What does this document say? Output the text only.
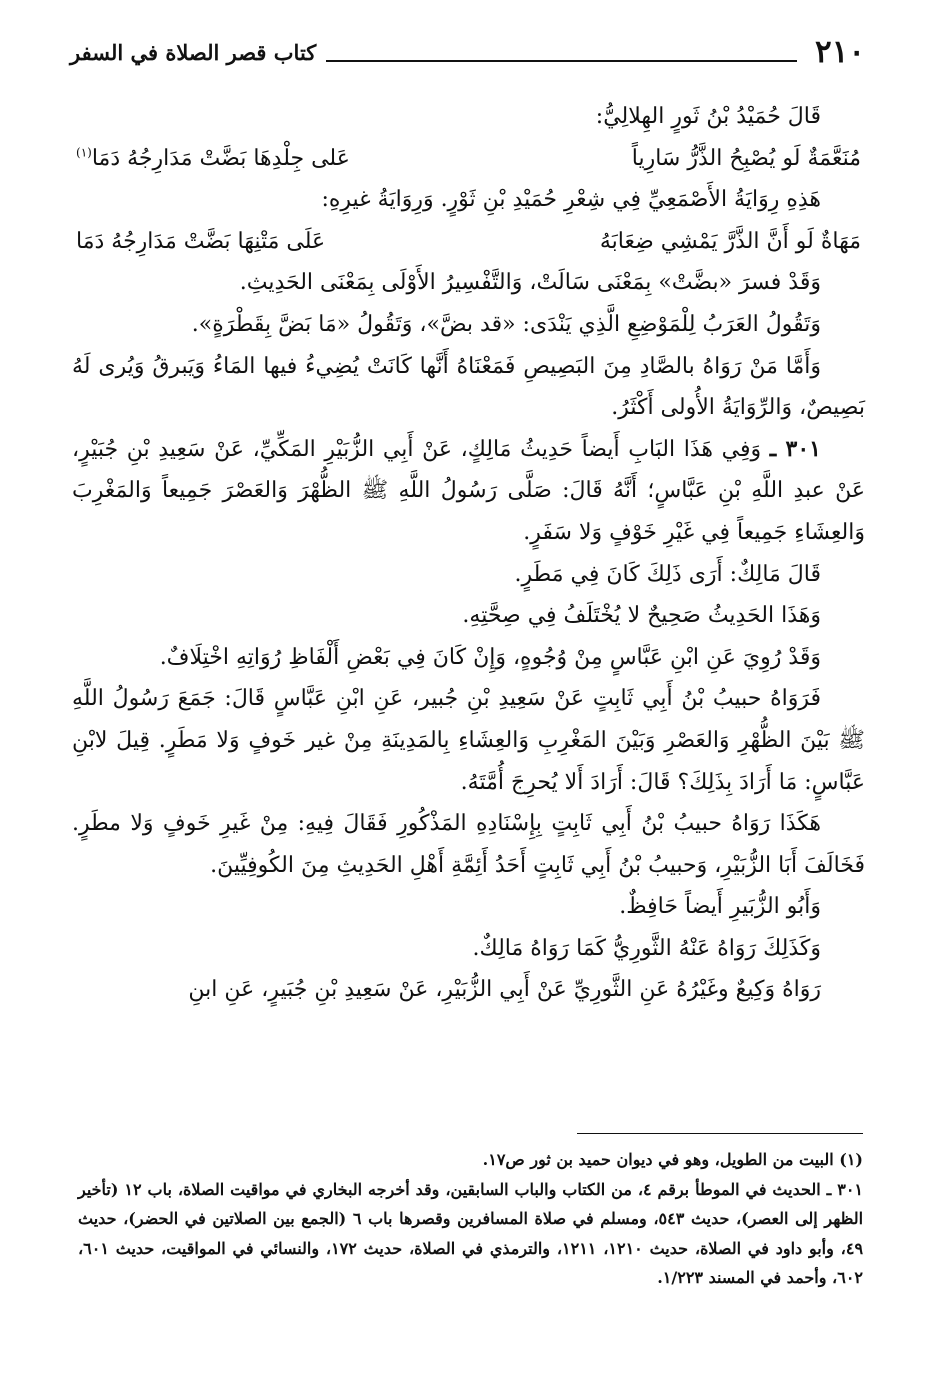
٢١٠
كتاب قصر الصلاة في السفر

قَالَ حُمَيْدُ بْنُ ثَورٍ الهِلالِيُّ:

مُنَعَّمَةٌ لَو يُصْبِحُ الذَّرُّ سَارِياً
عَلى جِلْدِهَا بَضَّتْ مَدَارِجُهُ دَمَا$^{(١)}$

هَذِهِ رِوَايَةُ الأَصْمَعِيِّ فِي شِعْرِ حُمَيْدِ بْنِ ثَوْرٍ. وَرِوَايَةُ غيرِهِ:

مَهَاةٌ لَو أَنَّ الذَّرَّ يَمْشِي ضِعَابَهُ
عَلَى مَتْنِهَا بَضَّتْ مَدَارِجُهُ دَمَا

وَقَدْ فسرَ «بضَّتْ» بِمَعْنَى سَالَتْ، وَالتَّفْسِيرُ الأَوْلَى بِمَعْنَى الحَدِيثِ.

وَتَقُولُ العَرَبُ لِلْمَوْضِعِ الَّذِي يَنْدَى: «قد بضَّ»، وَتَقُولُ «مَا بَضَّ بِقَطْرَةٍ».

وَأَمَّا مَنْ رَوَاهُ بالصَّادِ مِنَ البَصِيصِ فَمَعْنَاهُ أَنَّها كَانَتْ يُضِيءُ فيها المَاءُ وَيَبرقُ وَيُرى لَهُ بَصِيصٌ، وَالرِّوَايَةُ الأُولى أَكْثَرُ.

٣٠١ ـ وَفِي هَذَا البَابِ أَيضاً حَدِيثُ مَالِكٍ، عَنْ أَبِي الزُّبَيْرِ المَكِّيِّ، عَنْ سَعِيدِ بْنِ جُبَيْرٍ، عَنْ عبدِ اللَّهِ بْنِ عَبَّاسٍ؛ أَنَّهُ قَالَ: صَلَّى رَسُولُ اللَّهِ ﷺ الظُّهْرَ وَالعَصْرَ جَمِيعاً وَالمَغْرِبَ وَالعِشَاءِ جَمِيعاً فِي غَيْرِ خَوْفٍ وَلا سَفَرٍ.

قَالَ مَالِكٌ: أَرَى ذَلِكَ كَانَ فِي مَطَرٍ.

وَهَذَا الحَدِيثُ صَحِيحٌ لا يُخْتَلَفُ فِي صِحَّتِهِ.

وَقَدْ رُوِيَ عَنِ ابْنِ عَبَّاسٍ مِنْ وُجُوهٍ، وَإِنْ كَانَ فِي بَعْضِ أَلْفَاظِ رُوَاتِهِ اخْتِلَافٌ.

فَرَوَاهُ حبيبُ بْنُ أَبِي ثَابِتٍ عَنْ سَعِيدِ بْنِ جُبير، عَنِ ابْنِ عَبَّاسٍ قَالَ: جَمَعَ رَسُولُ اللَّهِ ﷺ بَيْنَ الظُّهْرِ وَالعَصْرِ وَبَيْنَ المَغْرِبِ وَالعِشَاءِ بِالمَدِينَةِ مِنْ غير خَوفٍ وَلا مَطَرٍ. قِيلَ لابْنِ عَبَّاسٍ: مَا أَرَادَ بِذَلِكَ؟ قَالَ: أَرَادَ أَلا يُحرِجَ أُمَّتَهُ.

هَكَذَا رَوَاهُ حبيبُ بْنُ أَبِي ثَابِتٍ بِإِسْنَادِهِ المَذْكُورِ فَقَالَ فِيهِ: مِنْ غَيرِ خَوفٍ وَلا مطَرٍ. فَخَالَفَ أَبَا الزُّبَيْرِ، وَحبيبُ بْنُ أَبِي ثَابِتٍ أَحَدُ أَئِمَّةِ أَهْلِ الحَدِيثِ مِنَ الكُوفِيِّينَ.

وَأَبُو الزُّبَيرِ أَيضاً حَافِظٌ.

وَكَذَلِكَ رَوَاهُ عَنْهُ الثَّورِيُّ كَمَا رَوَاهُ مَالِكٌ.

رَوَاهُ وَكِيعٌ وغَيْرُهُ عَنِ الثَّورِيِّ عَنْ أَبِي الزُّبَيْرِ، عَنْ سَعِيدِ بْنِ جُبَيرٍ، عَنِ ابنِ

(١) البيت من الطويل، وهو في ديوان حميد بن ثور ص١٧.

٣٠١ ـ الحديث في الموطأ برقم ٤، من الكتاب والباب السابقين، وقد أخرجه البخاري في مواقيت الصلاة، باب ١٢ (تأخير الظهر إلى العصر)، حديث ٥٤٣، ومسلم في صلاة المسافرين وقصرها باب ٦ (الجمع بين الصلاتين في الحضر)، حديث ٤٩، وأبو داود في الصلاة، حديث ١٢١٠، ١٢١١، والترمذي في الصلاة، حديث ١٧٢، والنسائي في المواقيت، حديث ٦٠١، ٦٠٢، وأحمد في المسند ١/٢٢٣.
